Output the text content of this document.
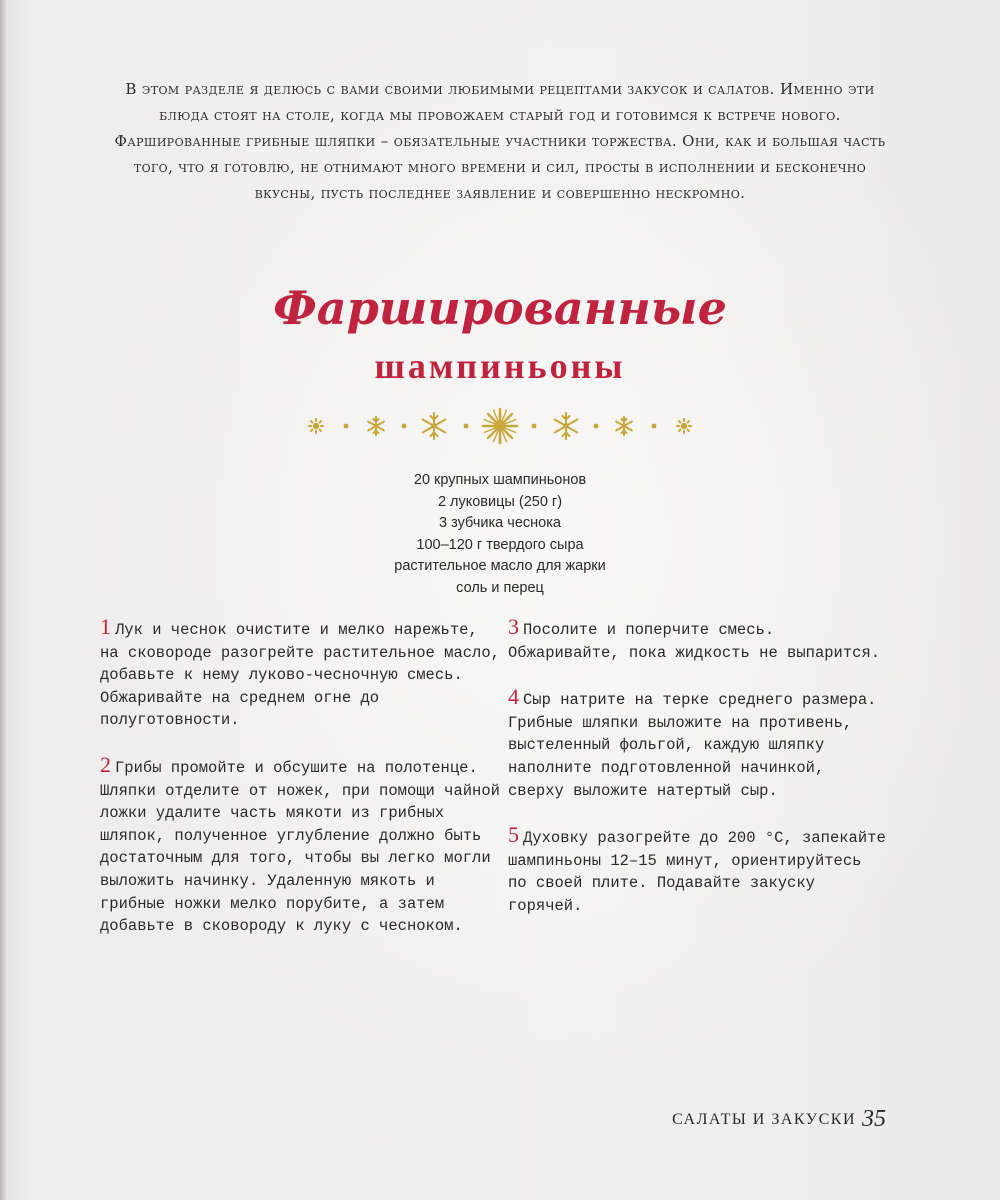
В этом разделе я делюсь с вами своими любимыми рецептами закусок и салатов. Именно эти блюда стоят на столе, когда мы провожаем старый год и готовимся к встрече нового. Фаршированные грибные шляпки – обязательные участники торжества. Они, как и большая часть того, что я готовлю, не отнимают много времени и сил, просты в исполнении и бесконечно вкусны, пусть последнее заявление и совершенно нескромно.

Фаршированные
шампиньоны
20 крупных шампиньонов
2 луковицы (250 г)
3 зубчика чеснока
100–120 г твердого сыра
растительное масло для жарки
соль и перец

1 Лук и чеснок очистите и мелко нарежьте, на сковороде разогрейте растительное масло, добавьте к нему луково-чесночную смесь. Обжаривайте на среднем огне до полуготовности.

2 Грибы промойте и обсушите на полотенце. Шляпки отделите от ножек, при помощи чайной ложки удалите часть мякоти из грибных шляпок, полученное углубление должно быть достаточным для того, чтобы вы легко могли выложить начинку. Удаленную мякоть и грибные ножки мелко порубите, а затем добавьте в сковороду к луку с чесноком.

3 Посолите и поперчите смесь. Обжаривайте, пока жидкость не выпарится.

4 Сыр натрите на терке среднего размера. Грибные шляпки выложите на противень, выстеленный фольгой, каждую шляпку наполните подготовленной начинкой, сверху выложите натертый сыр.

5 Духовку разогрейте до 200 °С, запекайте шампиньоны 12–15 минут, ориентируйтесь по своей плите. Подавайте закуску горячей.

САЛАТЫ И ЗАКУСКИ 35
